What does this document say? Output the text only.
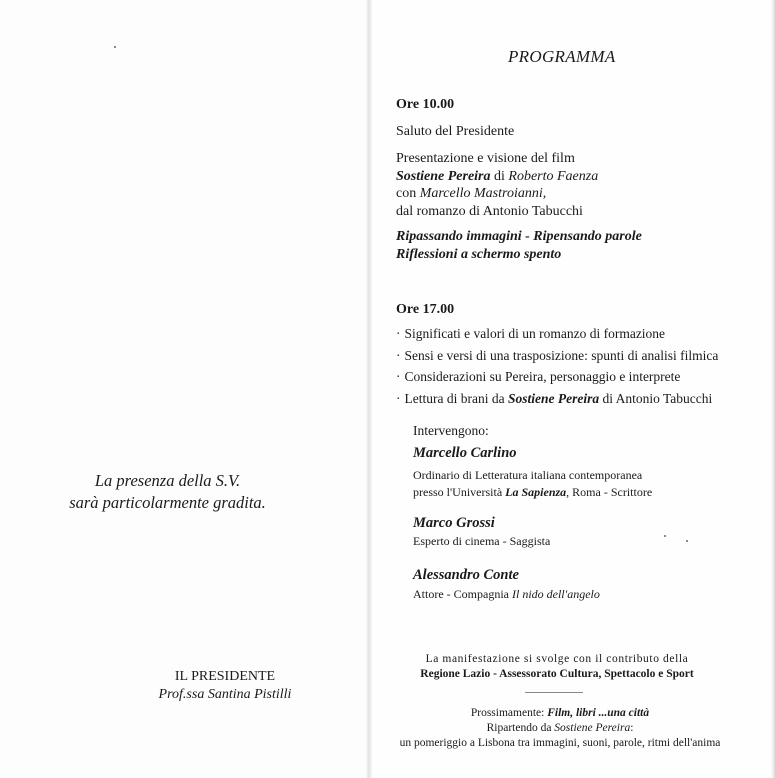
La presenza della S.V.
sarà particolarmente gradita.
IL PRESIDENTE
Prof.ssa Santina Pistilli
PROGRAMMA
Ore 10.00
Saluto del Presidente
Presentazione e visione del film
Sostiene Pereira di Roberto Faenza
con Marcello Mastroianni,
dal romanzo di Antonio Tabucchi
Ripassando immagini - Ripensando parole
Riflessioni a schermo spento
Ore 17.00
· Significati e valori di un romanzo di formazione
· Sensi e versi di una trasposizione: spunti di analisi filmica
· Considerazioni su Pereira, personaggio e interprete
· Lettura di brani da Sostiene Pereira di Antonio Tabucchi
Intervengono:
Marcello Carlino
Ordinario di Letteratura italiana contemporanea
presso l'Università La Sapienza, Roma - Scrittore
Marco Grossi
Esperto di cinema - Saggista
Alessandro Conte
Attore - Compagnia Il nido dell'angelo
La manifestazione si svolge con il contributo della
Regione Lazio - Assessorato Cultura, Spettacolo e Sport
Prossimamente: Film, libri ...una città
Ripartendo da Sostiene Pereira:
un pomeriggio a Lisbona tra immagini, suoni, parole, ritmi dell'anima
